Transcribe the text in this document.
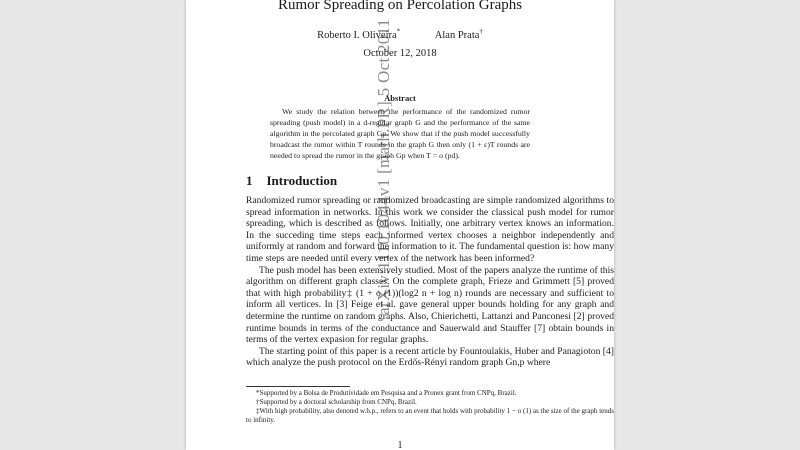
arXiv:1110.1044v1 [math.PR] 5 Oct 2011
Rumor Spreading on Percolation Graphs
Roberto I. Oliveira*	Alan Prata†
October 12, 2018
Abstract
We study the relation between the performance of the randomized rumor spreading (push model) in a d-regular graph G and the performance of the same algorithm in the percolated graph Gp. We show that if the push model successfully broadcast the rumor within T rounds in the graph G then only (1 + ε)T rounds are needed to spread the rumor in the graph Gp when T = o (pd).
1 Introduction

Randomized rumor spreading or randomized broadcasting are simple randomized algorithms to spread information in networks. In this work we consider the classical push model for rumor spreading, which is described as follows. Initially, one arbitrary vertex knows an information. In the succeding time steps each informed vertex chooses a neighbor independently and uniformly at random and forward the information to it. The fundamental question is: how many time steps are needed until every vertex of the network has been informed?

The push model has been extensively studied. Most of the papers analyze the runtime of this algorithm on different graph classes. On the complete graph, Frieze and Grimmett [5] proved that with high probability‡ (1 + o (1))(log2 n + log n) rounds are necessary and sufficient to inform all vertices. In [3] Feige et al. gave general upper bounds holding for any graph and determine the runtime on random graphs. Also, Chierichetti, Lattanzi and Panconesi [2] proved runtime bounds in terms of the conductance and Sauerwald and Stauffer [7] obtain bounds in terms of the vertex expasion for regular graphs.

The starting point of this paper is a recent article by Fountoulakis, Huber and Panagioton [4] which analyze the push protocol on the Erdős-Rényi random graph Gn,p where

*Supported by a Bolsa de Produtividade em Pesquisa and a Pronex grant from CNPq, Brazil.

†Supported by a doctoral scholarship from CNPq, Brazil.

‡With high probability, also denoted w.h.p., refers to an event that holds with probability 1 − o (1) as the size of the graph tends to infinity.

1
